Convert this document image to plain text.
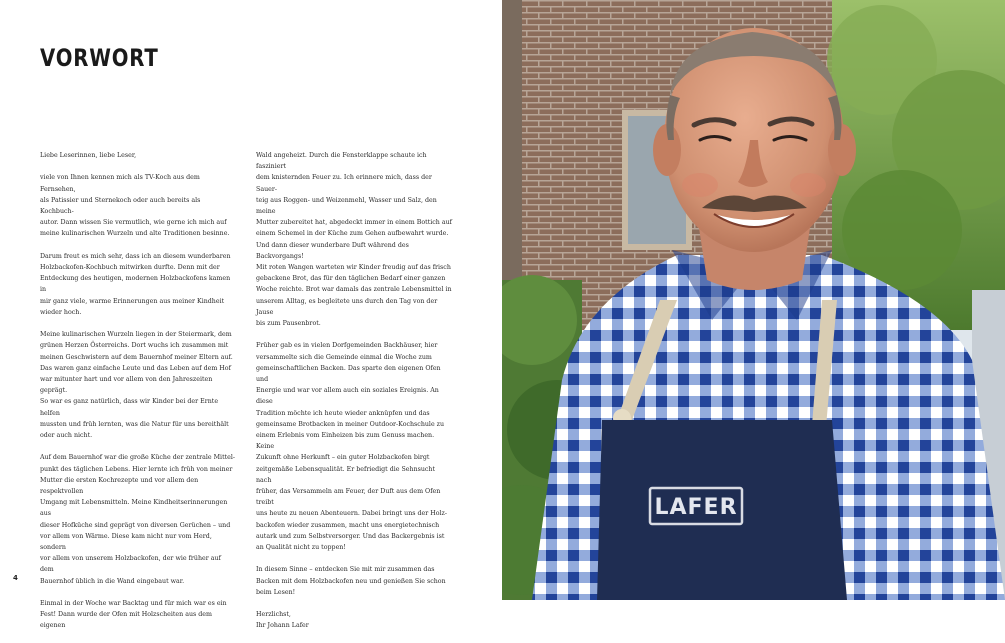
VORWORT

Liebe Leserinnen, liebe Leser,

viele von Ihnen kennen mich als TV-Koch aus dem Fernsehen,
als Patissier und Sternekoch oder auch bereits als Kochbuch-
autor. Dann wissen Sie vermutlich, wie gerne ich mich auf
meine kulinarischen Wurzeln und alte Traditionen besinne.

Darum freut es mich sehr, dass ich an diesem wunderbaren
Holzbackofen-Kochbuch mitwirken durfte. Denn mit der
Entdeckung des heutigen, modernen Holzbackofens kamen in
mir ganz viele, warme Erinnerungen aus meiner Kindheit
wieder hoch.

Meine kulinarischen Wurzeln liegen in der Steiermark, dem
grünen Herzen Österreichs. Dort wuchs ich zusammen mit
meinen Geschwistern auf dem Bauernhof meiner Eltern auf.
Das waren ganz einfache Leute und das Leben auf dem Hof
war mitunter hart und vor allem von den Jahreszeiten geprägt.
So war es ganz natürlich, dass wir Kinder bei der Ernte helfen
mussten und früh lernten, was die Natur für uns bereithält
oder auch nicht.

Auf dem Bauernhof war die große Küche der zentrale Mittel-
punkt des täglichen Lebens. Hier lernte ich früh von meiner
Mutter die ersten Kochrezepte und vor allem den respektvollen
Umgang mit Lebensmitteln. Meine Kindheitserinnerungen aus
dieser Hofküche sind geprägt von diversen Gerüchen – und
vor allem von Wärme. Diese kam nicht nur vom Herd, sondern
vor allem von unserem Holzbackofen, der wie früher auf dem
Bauernhof üblich in die Wand eingebaut war.

Einmal in der Woche war Backtag und für mich war es ein
Fest! Dann wurde der Ofen mit Holzscheiten aus dem eigenen

Wald angeheizt. Durch die Fensterklappe schaute ich fasziniert
dem knisternden Feuer zu. Ich erinnere mich, dass der Sauer-
teig aus Roggen- und Weizenmehl, Wasser und Salz, den meine
Mutter zubereitet hat, abgedeckt immer in einem Bottich auf
einem Schemel in der Küche zum Gehen aufbewahrt wurde.
Und dann dieser wunderbare Duft während des Backvorgangs!
Mit roten Wangen warteten wir Kinder freudig auf das frisch
gebackene Brot, das für den täglichen Bedarf einer ganzen
Woche reichte. Brot war damals das zentrale Lebensmittel in
unserem Alltag, es begleitete uns durch den Tag von der Jause
bis zum Pausenbrot.

Früher gab es in vielen Dorfgemeinden Backhäuser, hier
versammelte sich die Gemeinde einmal die Woche zum
gemeinschaftlichen Backen. Das sparte den eigenen Ofen und
Energie und war vor allem auch ein soziales Ereignis. An diese
Tradition möchte ich heute wieder anknüpfen und das
gemeinsame Brotbacken in meiner Outdoor-Kochschule zu
einem Erlebnis vom Einheizen bis zum Genuss machen. Keine
Zukunft ohne Herkunft – ein guter Holzbackofen birgt
zeitgemäße Lebensqualität. Er befriedigt die Sehnsucht nach
früher, das Versammeln am Feuer, der Duft aus dem Ofen treibt
uns heute zu neuen Abenteuern. Dabei bringt uns der Holz-
backofen wieder zusammen, macht uns energietechnisch
autark und zum Selbstversorger. Und das Backergebnis ist
an Qualität nicht zu toppen!

In diesem Sinne – entdecken Sie mit mir zusammen das
Backen mit dem Holzbackofen neu und genießen Sie schon
beim Lesen!

Herzlichst,
Ihr Johann Lafer

4
LAFER
